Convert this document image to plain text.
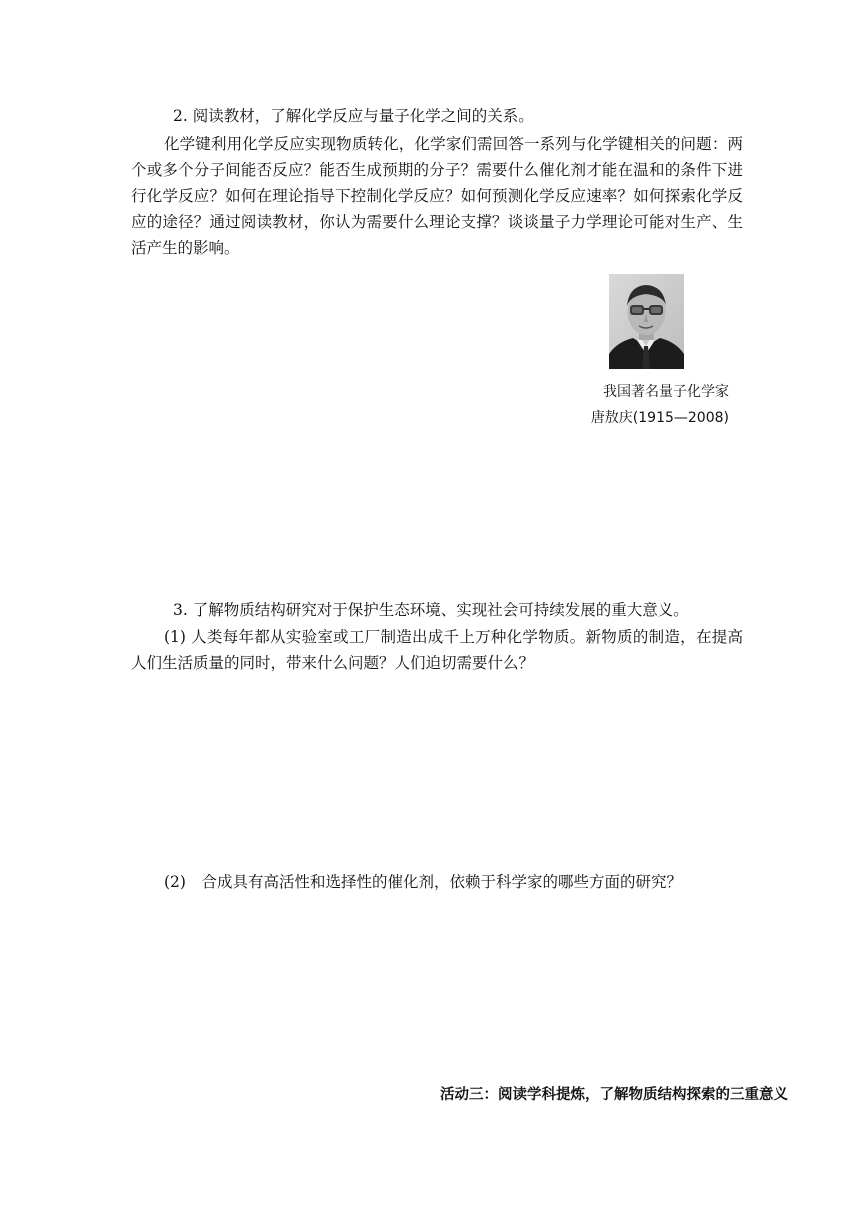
2. 阅读教材，了解化学反应与量子化学之间的关系。

化学键利用化学反应实现物质转化，化学家们需回答一系列与化学键相关的问题：两个或多个分子间能否反应？能否生成预期的分子？需要什么催化剂才能在温和的条件下进行化学反应？如何在理论指导下控制化学反应？如何预测化学反应速率？如何探索化学反应的途径？通过阅读教材，你认为需要什么理论支撑？谈谈量子力学理论可能对生产、生活产生的影响。

我国著名量子化学家

唐敖庆(1915—2008)

3. 了解物质结构研究对于保护生态环境、实现社会可持续发展的重大意义。

(1) 人类每年都从实验室或工厂制造出成千上万种化学物质。新物质的制造，在提高人们生活质量的同时，带来什么问题？人们迫切需要什么？

(2)　合成具有高活性和选择性的催化剂，依赖于科学家的哪些方面的研究？

活动三：阅读学科提炼，了解物质结构探索的三重意义
